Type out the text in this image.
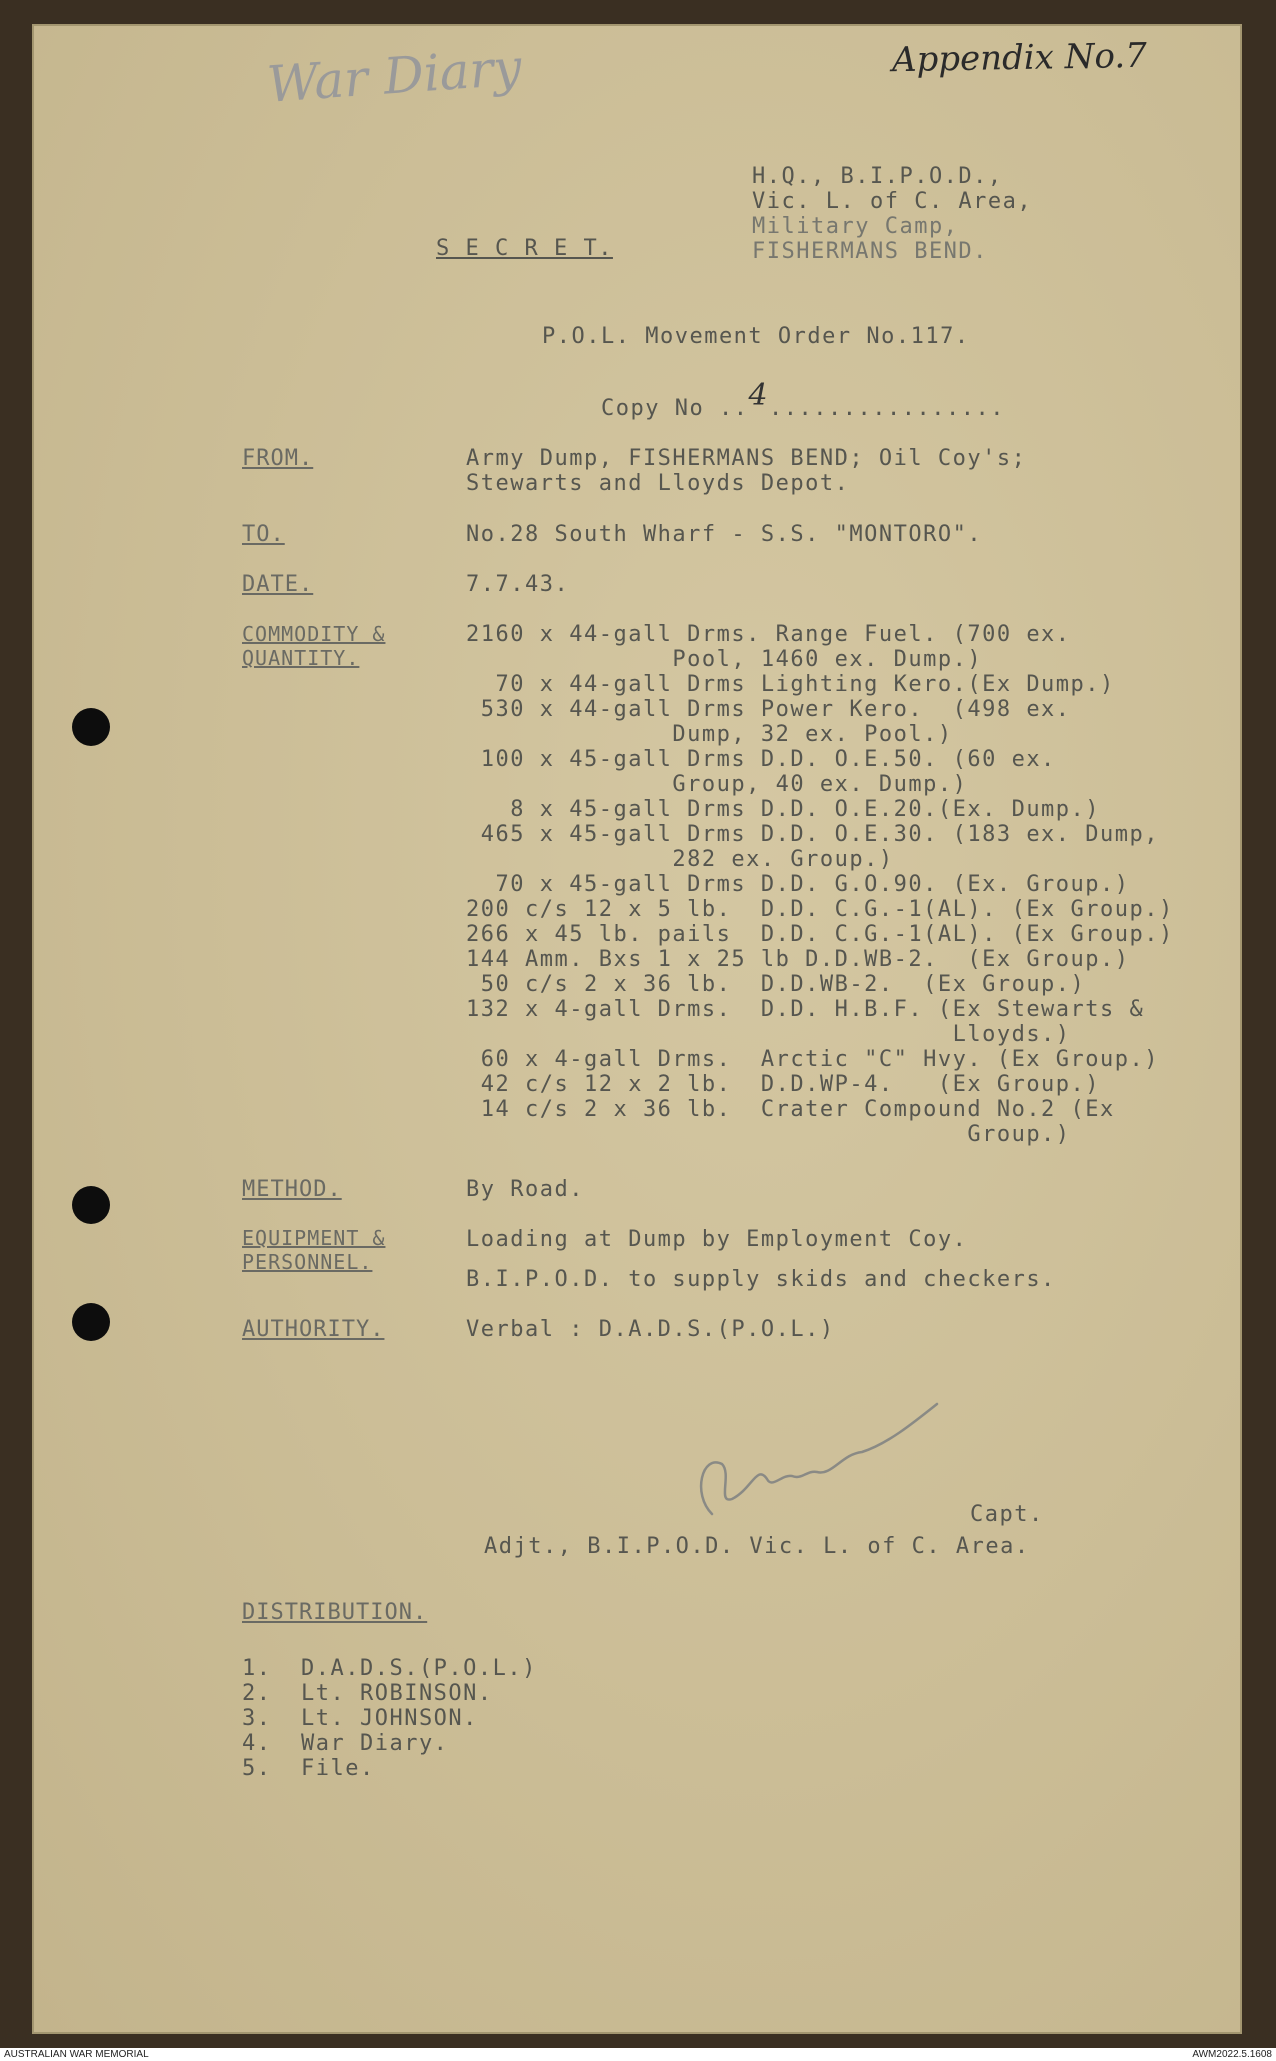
Appendix No.7
War Diary
H.Q., B.I.P.O.D.,
Vic. L. of C. Area,
Military Camp,
FISHERMANS BEND.
S E C R E T.
P.O.L. Movement Order No.117.

Copy No ..4................

FROM.	Army Dump, FISHERMANS BEND; Oil Coy's;
Stewarts and Lloyds Depot.
TO.	No.28 South Wharf - S.S. "MONTORO".
DATE.	7.7.43.
COMMODITY &
QUANTITY.
2160 x 44-gall Drms. Range Fuel. (700 ex.
Pool, 1460 ex. Dump.)
70 x 44-gall Drms Lighting Kero.(Ex Dump.)
530 x 44-gall Drms Power Kero.  (498 ex.
Dump, 32 ex. Pool.)
100 x 45-gall Drms D.D. O.E.50. (60 ex.
Group, 40 ex. Dump.)
8 x 45-gall Drms D.D. O.E.20.(Ex. Dump.)
465 x 45-gall Drms D.D. O.E.30. (183 ex. Dump,
282 ex. Group.)
70 x 45-gall Drms D.D. G.O.90. (Ex. Group.)
200 c/s 12 x 5 lb.  D.D. C.G.-1(AL). (Ex Group.)
266 x 45 lb. pails  D.D. C.G.-1(AL). (Ex Group.)
144 Amm. Bxs 1 x 25 lb D.D.WB-2.  (Ex Group.)
50 c/s 2 x 36 lb.  D.D.WB-2.  (Ex Group.)
132 x 4-gall Drms.  D.D. H.B.F. (Ex Stewarts &
Lloyds.)
60 x 4-gall Drms.  Arctic "C" Hvy. (Ex Group.)
42 c/s 12 x 2 lb.  D.D.WP-4.   (Ex Group.)
14 c/s 2 x 36 lb.  Crater Compound No.2 (Ex
Group.)
METHOD.	By Road.
EQUIPMENT &
PERSONNEL.
Loading at Dump by Employment Coy.
B.I.P.O.D. to supply skids and checkers.
AUTHORITY.	Verbal : D.A.D.S.(P.O.L.)
Capt.
Adjt., B.I.P.O.D. Vic. L. of C. Area.
DISTRIBUTION.
1.  D.A.D.S.(P.O.L.)
2.  Lt. ROBINSON.
3.  Lt. JOHNSON.
4.  War Diary.
5.  File.
AUSTRALIAN WAR MEMORIAL	AWM2022.5.1608
